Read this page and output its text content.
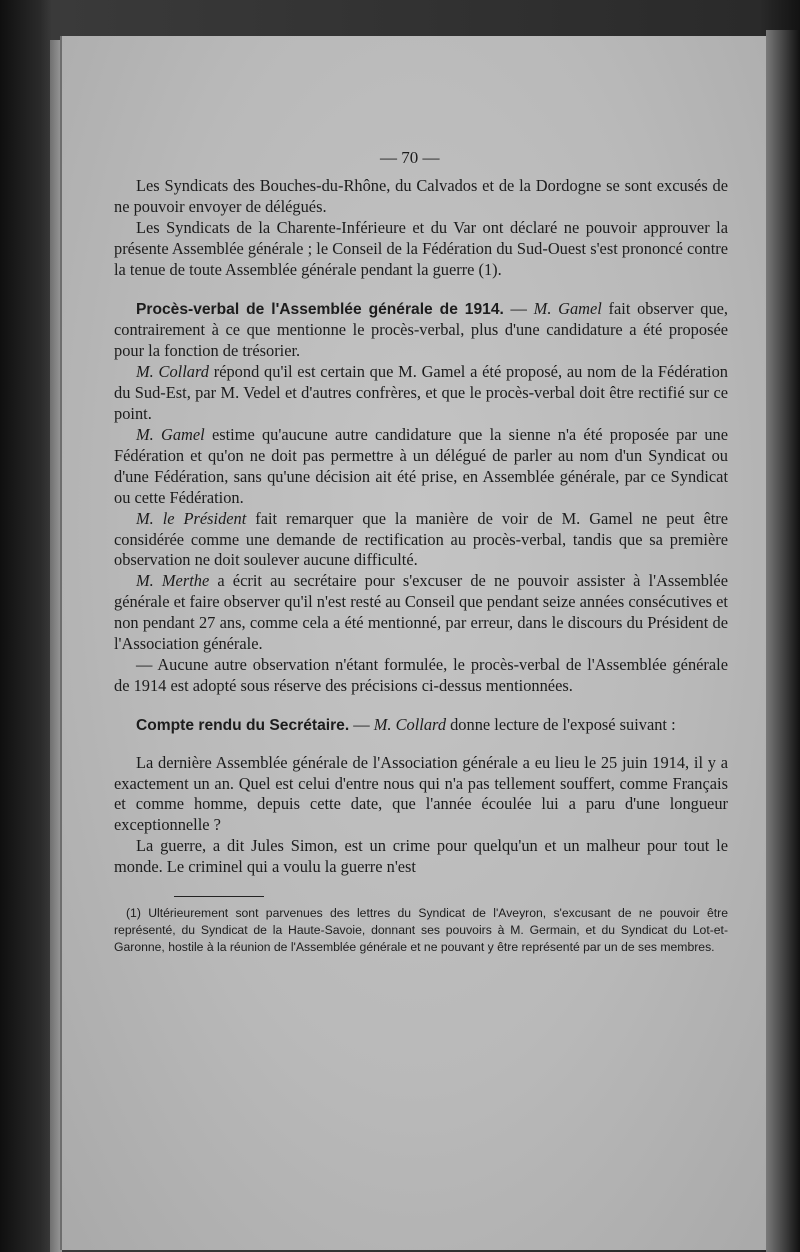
— 70 —

Les Syndicats des Bouches-du-Rhône, du Calvados et de la Dordogne se sont excusés de ne pouvoir envoyer de délégués.

Les Syndicats de la Charente-Inférieure et du Var ont déclaré ne pouvoir approuver la présente Assemblée générale ; le Conseil de la Fédération du Sud-Ouest s'est prononcé contre la tenue de toute Assemblée générale pendant la guerre (1).

Procès-verbal de l'Assemblée générale de 1914. — M. Gamel fait observer que, contrairement à ce que mentionne le procès-verbal, plus d'une candidature a été proposée pour la fonction de trésorier.

M. Collard répond qu'il est certain que M. Gamel a été proposé, au nom de la Fédération du Sud-Est, par M. Vedel et d'autres confrères, et que le procès-verbal doit être rectifié sur ce point.

M. Gamel estime qu'aucune autre candidature que la sienne n'a été proposée par une Fédération et qu'on ne doit pas permettre à un délégué de parler au nom d'un Syndicat ou d'une Fédération, sans qu'une décision ait été prise, en Assemblée générale, par ce Syndicat ou cette Fédération.

M. le Président fait remarquer que la manière de voir de M. Gamel ne peut être considérée comme une demande de rectification au procès-verbal, tandis que sa première observation ne doit soulever aucune difficulté.

M. Merthe a écrit au secrétaire pour s'excuser de ne pouvoir assister à l'Assemblée générale et faire observer qu'il n'est resté au Conseil que pendant seize années consécutives et non pendant 27 ans, comme cela a été mentionné, par erreur, dans le discours du Président de l'Association générale.

— Aucune autre observation n'étant formulée, le procès-verbal de l'Assemblée générale de 1914 est adopté sous réserve des précisions ci-dessus mentionnées.

Compte rendu du Secrétaire. — M. Collard donne lecture de l'exposé suivant :

La dernière Assemblée générale de l'Association générale a eu lieu le 25 juin 1914, il y a exactement un an. Quel est celui d'entre nous qui n'a pas tellement souffert, comme Français et comme homme, depuis cette date, que l'année écoulée lui a paru d'une longueur exceptionnelle ?

La guerre, a dit Jules Simon, est un crime pour quelqu'un et un malheur pour tout le monde. Le criminel qui a voulu la guerre n'est

(1) Ultérieurement sont parvenues des lettres du Syndicat de l'Aveyron, s'excusant de ne pouvoir être représenté, du Syndicat de la Haute-Savoie, donnant ses pouvoirs à M. Germain, et du Syndicat du Lot-et-Garonne, hostile à la réunion de l'Assemblée générale et ne pouvant y être représenté par un de ses membres.
